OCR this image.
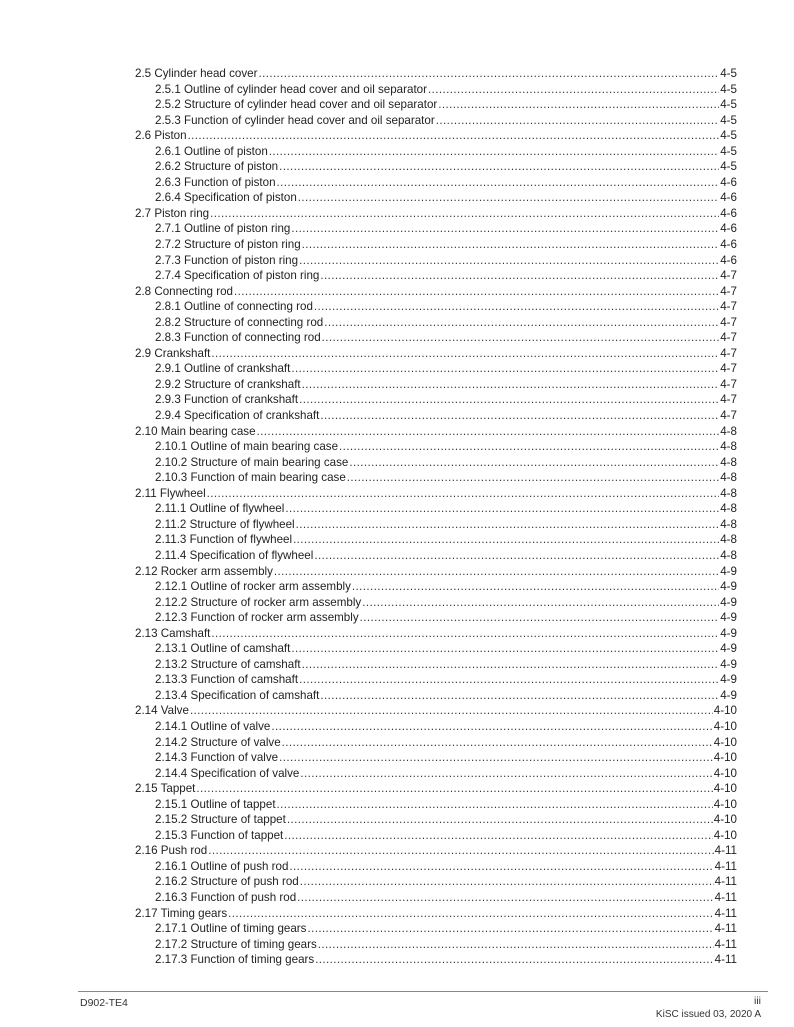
2.5 Cylinder head cover .....	4-5
2.5.1 Outline of cylinder head cover and oil separator .....	4-5
2.5.2 Structure of cylinder head cover and oil separator .....	4-5
2.5.3 Function of cylinder head cover and oil separator .....	4-5
2.6 Piston .....	4-5
2.6.1 Outline of piston .....	4-5
2.6.2 Structure of piston .....	4-5
2.6.3 Function of piston .....	4-6
2.6.4 Specification of piston .....	4-6
2.7 Piston ring .....	4-6
2.7.1 Outline of piston ring .....	4-6
2.7.2 Structure of piston ring .....	4-6
2.7.3 Function of piston ring .....	4-6
2.7.4 Specification of piston ring .....	4-7
2.8 Connecting rod .....	4-7
2.8.1 Outline of connecting rod .....	4-7
2.8.2 Structure of connecting rod .....	4-7
2.8.3 Function of connecting rod .....	4-7
2.9 Crankshaft .....	4-7
2.9.1 Outline of crankshaft .....	4-7
2.9.2 Structure of crankshaft .....	4-7
2.9.3 Function of crankshaft .....	4-7
2.9.4 Specification of crankshaft .....	4-7
2.10 Main bearing case .....	4-8
2.10.1 Outline of main bearing case .....	4-8
2.10.2 Structure of main bearing case .....	4-8
2.10.3 Function of main bearing case .....	4-8
2.11 Flywheel .....	4-8
2.11.1 Outline of flywheel .....	4-8
2.11.2 Structure of flywheel .....	4-8
2.11.3 Function of flywheel .....	4-8
2.11.4 Specification of flywheel .....	4-8
2.12 Rocker arm assembly .....	4-9
2.12.1 Outline of rocker arm assembly .....	4-9
2.12.2 Structure of rocker arm assembly .....	4-9
2.12.3 Function of rocker arm assembly .....	4-9
2.13 Camshaft .....	4-9
2.13.1 Outline of camshaft .....	4-9
2.13.2 Structure of camshaft .....	4-9
2.13.3 Function of camshaft .....	4-9
2.13.4 Specification of camshaft .....	4-9
2.14 Valve .....	4-10
2.14.1 Outline of valve .....	4-10
2.14.2 Structure of valve .....	4-10
2.14.3 Function of valve .....	4-10
2.14.4 Specification of valve .....	4-10
2.15 Tappet .....	4-10
2.15.1 Outline of tappet .....	4-10
2.15.2 Structure of tappet .....	4-10
2.15.3 Function of tappet .....	4-10
2.16 Push rod .....	4-11
2.16.1 Outline of push rod .....	4-11
2.16.2 Structure of push rod .....	4-11
2.16.3 Function of push rod .....	4-11
2.17 Timing gears .....	4-11
2.17.1 Outline of timing gears .....	4-11
2.17.2 Structure of timing gears .....	4-11
2.17.3 Function of timing gears .....	4-11
D902-TE4	iii
KiSC issued 03, 2020 A
